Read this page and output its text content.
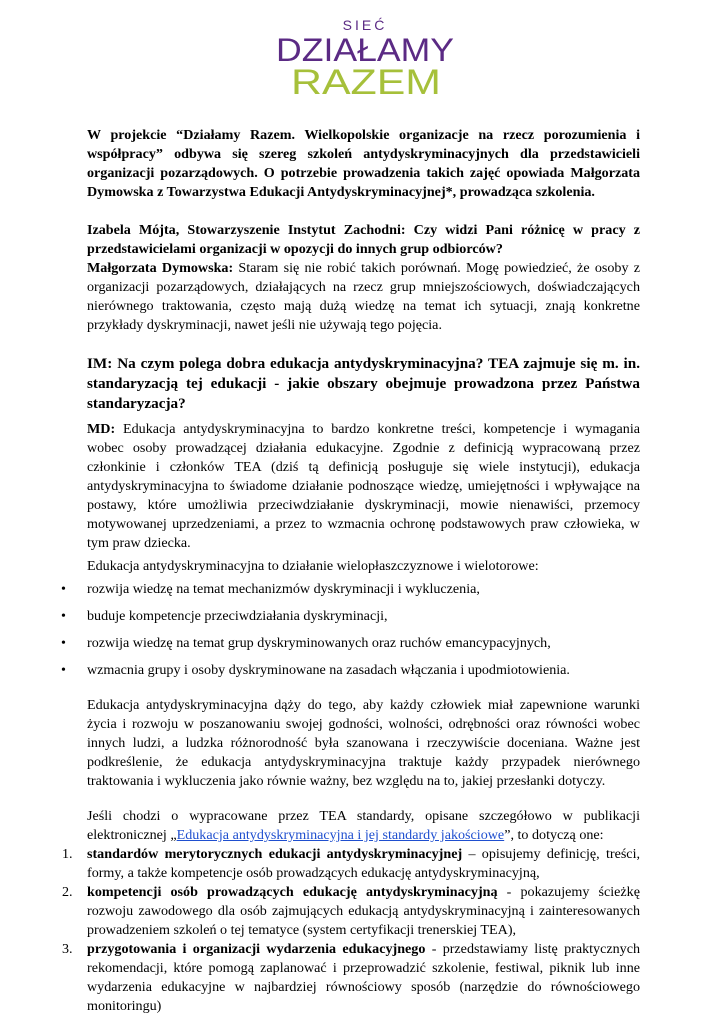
SIEĆ
DZIAŁAMY
RAZEM

W projekcie “Działamy Razem. Wielkopolskie organizacje na rzecz porozumienia i współpracy” odbywa się szereg szkoleń antydyskryminacyjnych dla przedstawicieli organizacji pozarządowych. O potrzebie prowadzenia takich zajęć opowiada Małgorzata Dymowska z Towarzystwa Edukacji Antydyskryminacyjnej*, prowadząca szkolenia.

Izabela Mójta, Stowarzyszenie Instytut Zachodni: Czy widzi Pani różnicę w pracy z przedstawicielami organizacji w opozycji do innych grup odbiorców?

Małgorzata Dymowska: Staram się nie robić takich porównań. Mogę powiedzieć, że osoby z organizacji pozarządowych, działających na rzecz grup mniejszościowych, doświadczających nierównego traktowania, często mają dużą wiedzę na temat ich sytuacji, znają konkretne przykłady dyskryminacji, nawet jeśli nie używają tego pojęcia.

IM: Na czym polega dobra edukacja antydyskryminacyjna? TEA zajmuje się m. in. standaryzacją tej edukacji - jakie obszary obejmuje prowadzona przez Państwa standaryzacja?

MD: Edukacja antydyskryminacyjna to bardzo konkretne treści, kompetencje i wymagania wobec osoby prowadzącej działania edukacyjne. Zgodnie z definicją wypracowaną przez członkinie i członków TEA (dziś tą definicją posługuje się wiele instytucji), edukacja antydyskryminacyjna to świadome działanie podnoszące wiedzę, umiejętności i wpływające na postawy, które umożliwia przeciwdziałanie dyskryminacji, mowie nienawiści, przemocy motywowanej uprzedzeniami, a przez to wzmacnia ochronę podstawowych praw człowieka, w tym praw dziecka.

Edukacja antydyskryminacyjna to działanie wielopłaszczyznowe i wielotorowe:

• rozwija wiedzę na temat mechanizmów dyskryminacji i wykluczenia,
• buduje kompetencje przeciwdziałania dyskryminacji,
• rozwija wiedzę na temat grup dyskryminowanych oraz ruchów emancypacyjnych,
• wzmacnia grupy i osoby dyskryminowane na zasadach włączania i upodmiotowienia.

Edukacja antydyskryminacyjna dąży do tego, aby każdy człowiek miał zapewnione warunki życia i rozwoju w poszanowaniu swojej godności, wolności, odrębności oraz równości wobec innych ludzi, a ludzka różnorodność była szanowana i rzeczywiście doceniana. Ważne jest podkreślenie, że edukacja antydyskryminacyjna traktuje każdy przypadek nierównego traktowania i wykluczenia jako równie ważny, bez względu na to, jakiej przesłanki dotyczy.

Jeśli chodzi o wypracowane przez TEA standardy, opisane szczegółowo w publikacji elektronicznej „Edukacja antydyskryminacyjna i jej standardy jakościowe”, to dotyczą one:

1. standardów merytorycznych edukacji antydyskryminacyjnej – opisujemy definicję, treści, formy, a także kompetencje osób prowadzących edukację antydyskryminacyjną,
2. kompetencji osób prowadzących edukację antydyskryminacyjną - pokazujemy ścieżkę rozwoju zawodowego dla osób zajmujących edukacją antydyskryminacyjną i zainteresowanych prowadzeniem szkoleń o tej tematyce (system certyfikacji trenerskiej TEA),
3. przygotowania i organizacji wydarzenia edukacyjnego - przedstawiamy listę praktycznych rekomendacji, które pomogą zaplanować i przeprowadzić szkolenie, festiwal, piknik lub inne wydarzenia edukacyjne w najbardziej równościowy sposób (narzędzie do równościowego monitoringu)
